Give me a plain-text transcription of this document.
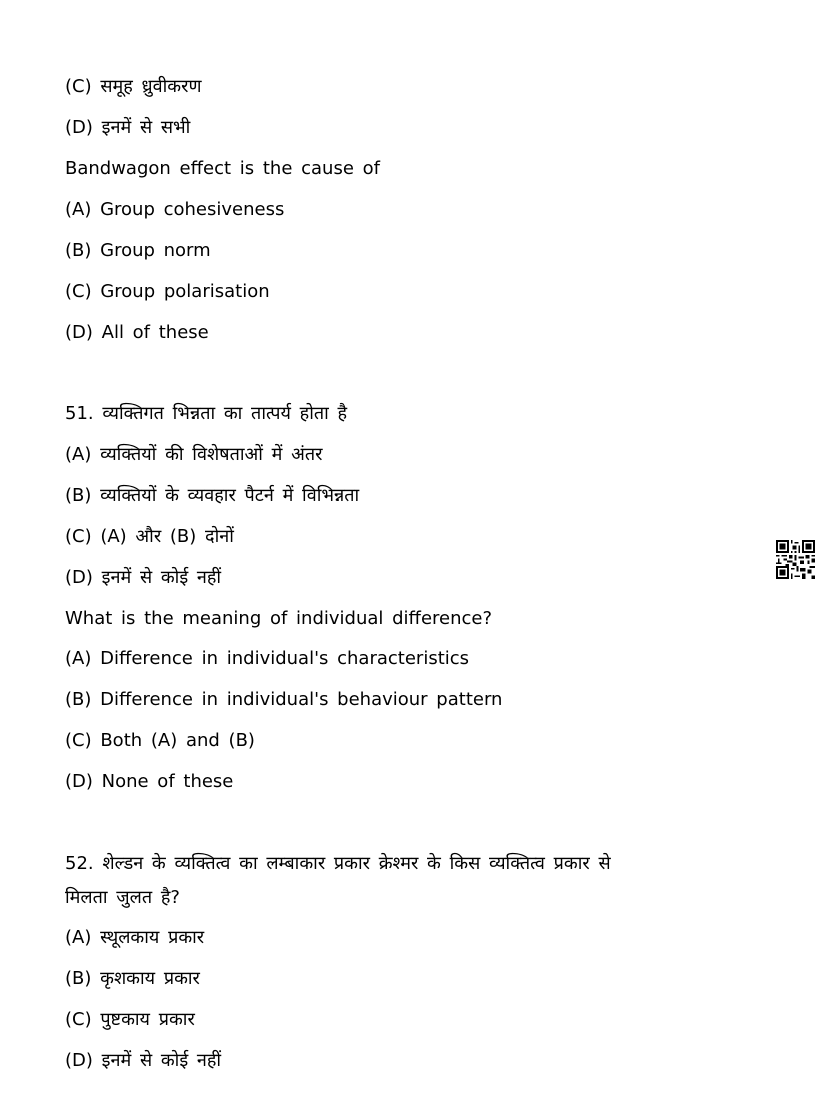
(C) समूह ध्रुवीकरण
(D) इनमें से सभी
Bandwagon effect is the cause of
(A) Group cohesiveness
(B) Group norm
(C) Group polarisation
(D) All of these
51. व्यक्तिगत भिन्नता का तात्पर्य होता है
(A) व्यक्तियों की विशेषताओं में अंतर
(B) व्यक्तियों के व्यवहार पैटर्न में विभिन्नता
(C) (A) और (B) दोनों
(D) इनमें से कोई नहीं
What is the meaning of individual difference?
(A) Difference in individual's characteristics
(B) Difference in individual's behaviour pattern
(C) Both (A) and (B)
(D) None of these
52. शेल्डन के व्यक्तित्व का लम्बाकार प्रकार क्रेश्मर के किस व्यक्तित्व प्रकार से
मिलता जुलत है?
(A) स्थूलकाय प्रकार
(B) कृशकाय प्रकार
(C) पुष्टकाय प्रकार
(D) इनमें से कोई नहीं
